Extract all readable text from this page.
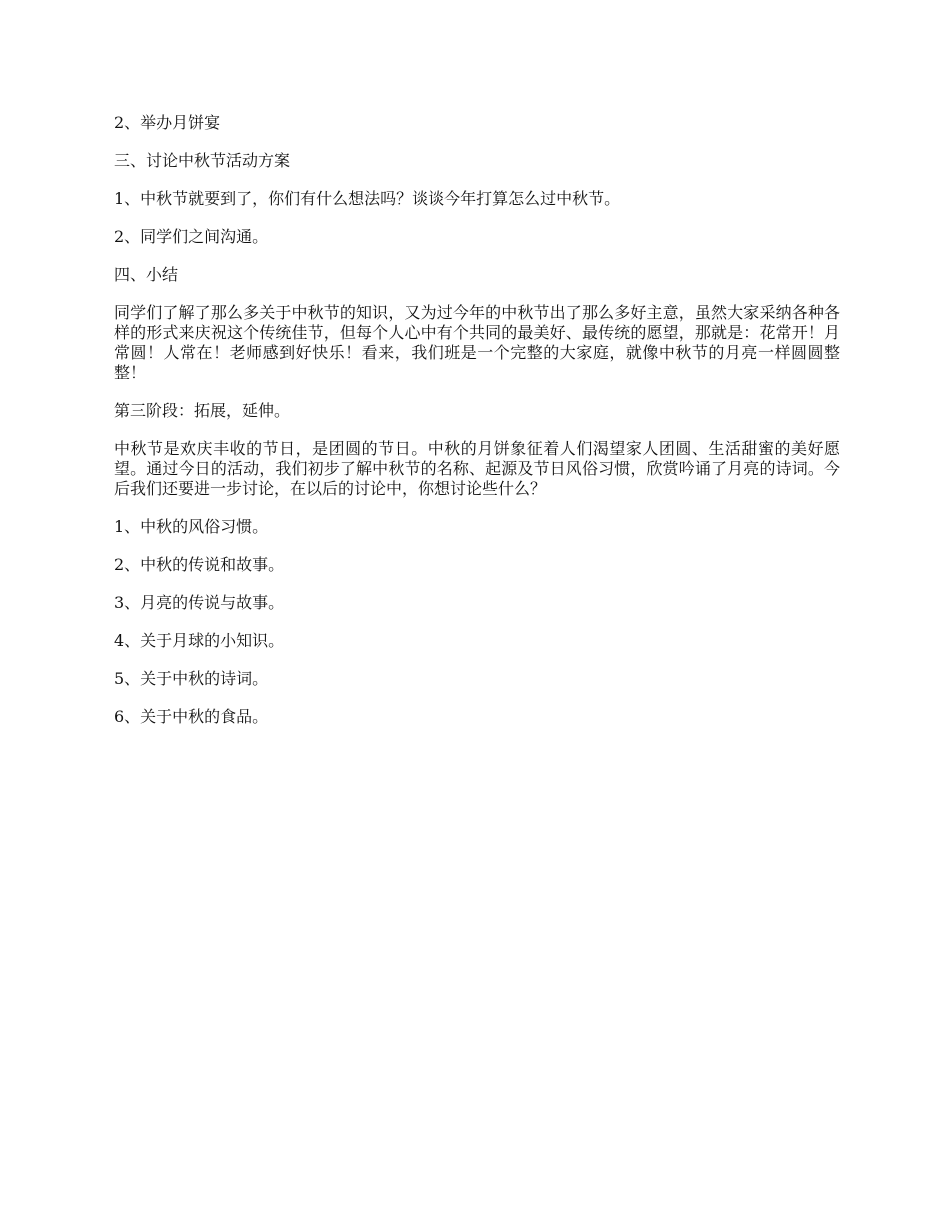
2、举办月饼宴

三、讨论中秋节活动方案

1、中秋节就要到了，你们有什么想法吗？谈谈今年打算怎么过中秋节。

2、同学们之间沟通。

四、小结

同学们了解了那么多关于中秋节的知识，又为过今年的中秋节出了那么多好主意，虽然大家采纳各种各样的形式来庆祝这个传统佳节，但每个人心中有个共同的最美好、最传统的愿望，那就是：花常开！月常圆！人常在！老师感到好快乐！看来，我们班是一个完整的大家庭，就像中秋节的月亮一样圆圆整整！

第三阶段：拓展，延伸。

中秋节是欢庆丰收的节日，是团圆的节日。中秋的月饼象征着人们渴望家人团圆、生活甜蜜的美好愿望。通过今日的活动，我们初步了解中秋节的名称、起源及节日风俗习惯，欣赏吟诵了月亮的诗词。今后我们还要进一步讨论，在以后的讨论中，你想讨论些什么？

1、中秋的风俗习惯。

2、中秋的传说和故事。

3、月亮的传说与故事。

4、关于月球的小知识。

5、关于中秋的诗词。

6、关于中秋的食品。
